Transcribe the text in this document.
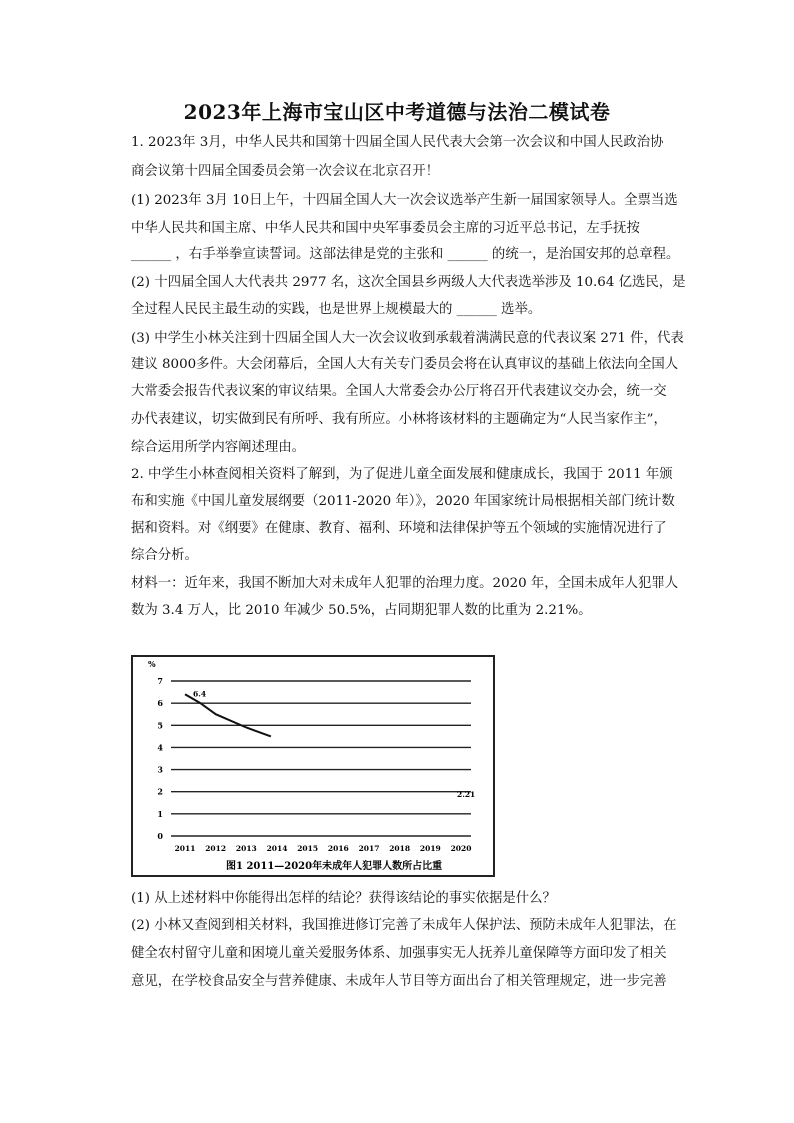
2023年上海市宝山区中考道德与法治二模试卷
1. 2023年 3月，中华人民共和国第十四届全国人民代表大会第一次会议和中国人民政治协
商会议第十四届全国委员会第一次会议在北京召开！
(1) 2023年 3月 10日上午，十四届全国人大一次会议选举产生新一届国家领导人。全票当选
中华人民共和国主席、中华人民共和国中央军事委员会主席的习近平总书记，左手抚按
______ ，右手举拳宣读誓词。这部法律是党的主张和 ______ 的统一，是治国安邦的总章程。
(2) 十四届全国人大代表共 2977 名，这次全国县乡两级人大代表选举涉及 10.64 亿选民，是
全过程人民民主最生动的实践，也是世界上规模最大的 ______ 选举。
(3) 中学生小林关注到十四届全国人大一次会议收到承载着满满民意的代表议案 271 件，代表
建议 8000多件。大会闭幕后，全国人大有关专门委员会将在认真审议的基础上依法向全国人
大常委会报告代表议案的审议结果。全国人大常委会办公厅将召开代表建议交办会，统一交
办代表建议，切实做到民有所呼、我有所应。小林将该材料的主题确定为“人民当家作主”，
综合运用所学内容阐述理由。
2. 中学生小林查阅相关资料了解到，为了促进儿童全面发展和健康成长，我国于 2011 年颁
布和实施《中国儿童发展纲要（2011-2020 年）》，2020 年国家统计局根据相关部门统计数
据和资料。对《纲要》在健康、教育、福利、环境和法律保护等五个领域的实施情况进行了
综合分析。
材料一：近年来，我国不断加大对未成年人犯罪的治理力度。2020 年，全国未成年人犯罪人
数为 3.4 万人，比 2010 年减少 50.5%，占同期犯罪人数的比重为 2.21%。
0
1
2
3
4
5
6
7
2011 2012 2013 2014 2015 2016 2017 2018 2019 2020
6.4
2.21
%
图1 2011—2020年未成年人犯罪人数所占比重
(1) 从上述材料中你能得出怎样的结论？获得该结论的事实依据是什么？
(2) 小林又查阅到相关材料，我国推进修订完善了未成年人保护法、预防未成年人犯罪法，在
健全农村留守儿童和困境儿童关爱服务体系、加强事实无人抚养儿童保障等方面印发了相关
意见，在学校食品安全与营养健康、未成年人节目等方面出台了相关管理规定，进一步完善
